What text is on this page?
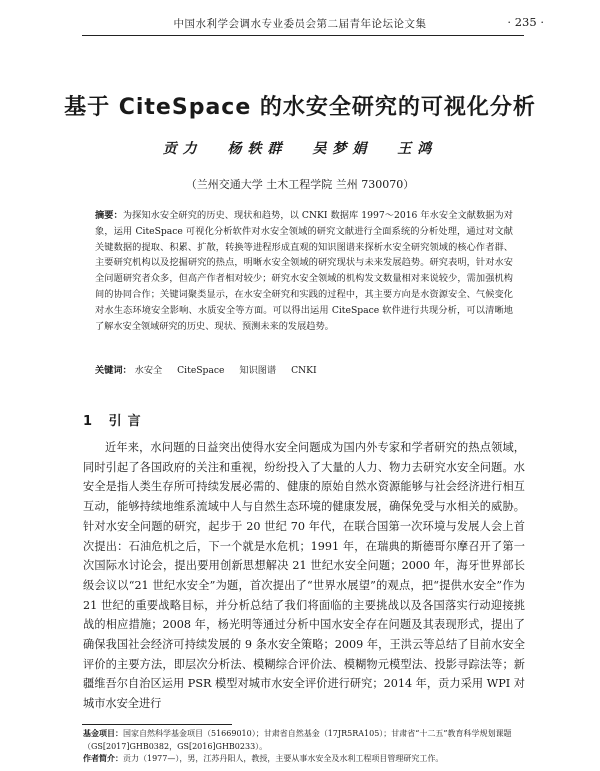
中国水利学会调水专业委员会第二届青年论坛论文集	· 235 ·
基于 CiteSpace 的水安全研究的可视化分析
贡力 杨轶群 吴梦娟 王鸿
（兰州交通大学 土木工程学院 兰州 730070）
摘要：为探知水安全研究的历史、现状和趋势，以 CNKI 数据库 1997～2016 年水安全文献数据为对象，运用 CiteSpace 可视化分析软件对水安全领域的研究文献进行全面系统的分析处理，通过对文献关键数据的提取、积累、扩散，转换等进程形成直观的知识图谱来探析水安全研究领域的核心作者群、主要研究机构以及挖掘研究的热点，明晰水安全领域的研究现状与未来发展趋势。研究表明，针对水安全问题研究者众多，但高产作者相对较少；研究水安全领域的机构发文数量相对来说较少，需加强机构间的协同合作；关键词聚类显示，在水安全研究和实践的过程中，其主要方向是水资源安全、气候变化对水生态环境安全影响、水质安全等方面。可以得出运用 CiteSpace 软件进行共现分析，可以清晰地了解水安全领域研究的历史、现状、预测未来的发展趋势。
关键词： 水安全 CiteSpace 知识图谱 CNKI
1 引言

近年来，水问题的日益突出使得水安全问题成为国内外专家和学者研究的热点领域，同时引起了各国政府的关注和重视，纷纷投入了大量的人力、物力去研究水安全问题。水安全是指人类生存所可持续发展必需的、健康的原始自然水资源能够与社会经济进行相互互动，能够持续地维系流域中人与自然生态环境的健康发展，确保免受与水相关的威胁。针对水安全问题的研究，起步于 20 世纪 70 年代，在联合国第一次环境与发展人会上首次提出：石油危机之后，下一个就是水危机；1991 年，在瑞典的斯德哥尔摩召开了第一次国际水讨论会，提出要用创新思想解决 21 世纪水安全问题；2000 年，海牙世界部长级会议以“21 世纪水安全”为题，首次提出了“世界水展望”的观点，把“提供水安全”作为 21 世纪的重要战略目标，并分析总结了我们将面临的主要挑战以及各国落实行动迎接挑战的相应措施；2008 年，杨光明等通过分析中国水安全存在问题及其表现形式，提出了确保我国社会经济可持续发展的 9 条水安全策略；2009 年，王洪云等总结了目前水安全评价的主要方法，即层次分析法、模糊综合评价法、模糊物元模型法、投影寻踪法等；新疆维吾尔自治区运用 PSR 模型对城市水安全评价进行研究；2014 年，贡力采用 WPI 对城市水安全进行

基金项目：国家自然科学基金项目（51669010）；甘肃省自然基金（17JR5RA105）；甘肃省“十二五”教育科学规划课题（GS[2017]GHB0382，GS[2016]GHB0233）。

作者简介：贡力（1977—），男，江苏丹阳人，教授，主要从事水安全及水利工程项目管理研究工作。
